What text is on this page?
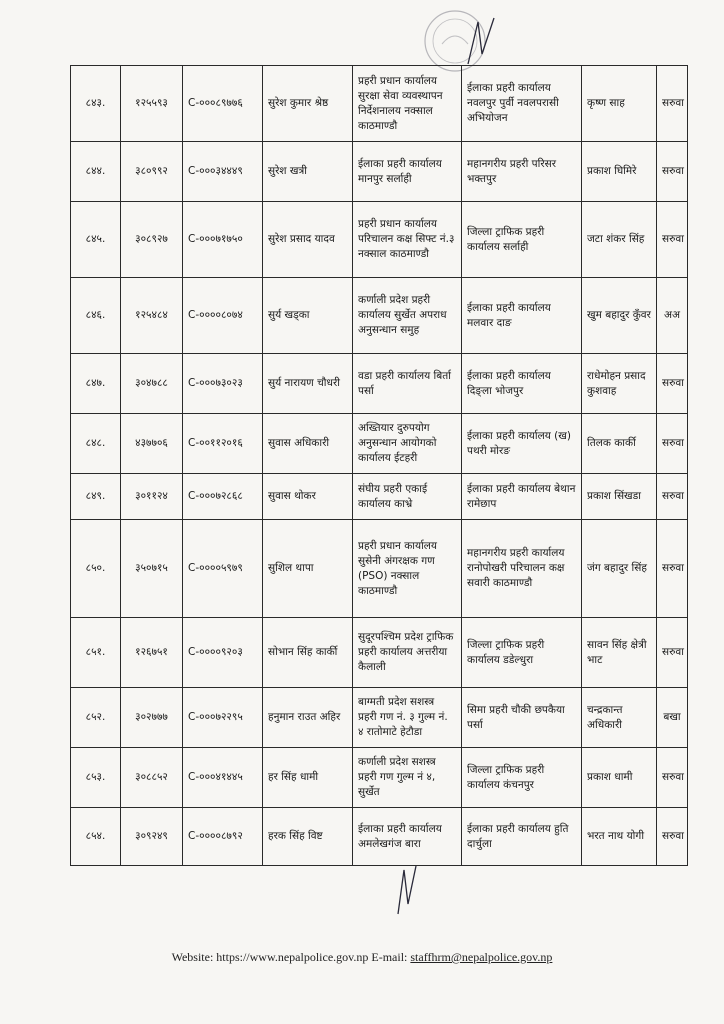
८४३.	१२५५९३	C-०००८९७७६	सुरेश कुमार श्रेष्ठ	प्रहरी प्रधान कार्यालय सुरक्षा सेवा व्यवस्थापन निर्देशनालय नक्साल काठमाण्डौ	ईलाका प्रहरी कार्यालय नवलपुर पुर्वी नवलपरासी अभियोजन	कृष्ण साह	सरुवा
८४४.	३८०९९२	C-०००३४४४९	सुरेश खत्री	ईलाका प्रहरी कार्यालय मानपुर सर्लाही	महानगरीय प्रहरी परिसर भक्तपुर	प्रकाश घिमिरे	सरुवा
८४५.	३०८९२७	C-०००७१७५०	सुरेश प्रसाद यादव	प्रहरी प्रधान कार्यालय परिचालन कक्ष सिफ्ट नं.३ नक्साल काठमाण्डौ	जिल्ला ट्राफिक प्रहरी कार्यालय सर्लाही	जटा शंकर सिंह	सरुवा
८४६.	१२५४८४	C-००००८०७४	सुर्य खड्का	कर्णाली प्रदेश प्रहरी कार्यालय सुर्खेत अपराध अनुसन्धान समुह	ईलाका प्रहरी कार्यालय मलवार दाङ	खुम बहादुर कुँवर	अअ
८४७.	३०४७८८	C-०००७३०२३	सुर्य नारायण चौधरी	वडा प्रहरी कार्यालय बिर्ता पर्सा	ईलाका प्रहरी कार्यालय दिङ्ला भोजपुर	राधेमोहन प्रसाद कुशवाह	सरुवा
८४८.	४३७७०६	C-००११२०१६	सुवास अधिकारी	अख्तियार दुरुपयोग अनुसन्धान आयोगको कार्यालय ईटहरी	ईलाका प्रहरी कार्यालय (ख) पथरी मोरङ	तिलक कार्की	सरुवा
८४९.	३०११२४	C-०००७२८६८	सुवास थोकर	संघीय प्रहरी एकाई कार्यालय काभ्रे	ईलाका प्रहरी कार्यालय बेथान रामेछाप	प्रकाश सिंखडा	सरुवा
८५०.	३५०७१५	C-००००५९७९	सुशिल थापा	प्रहरी प्रधान कार्यालय सुसेनी अंगरक्षक गण (PSO) नक्साल काठमाण्डौ	महानगरीय प्रहरी कार्यालय रानोपोखरी परिचालन कक्ष सवारी काठमाण्डौ	जंग बहादुर सिंह	सरुवा
८५१.	१२६७५१	C-००००९२०३	सोभान सिंह कार्की	सुदूरपश्चिम प्रदेश ट्राफिक प्रहरी कार्यालय अत्तरीया कैलाली	जिल्ला ट्राफिक प्रहरी कार्यालय डडेल्धुरा	सावन सिंह क्षेत्री भाट	सरुवा
८५२.	३०२७७७	C-०००७२२९५	हनुमान राउत अहिर	बाग्मती प्रदेश सशस्त्र प्रहरी गण नं. ३ गुल्म नं. ४ रातोमाटे हेटौडा	सिमा प्रहरी चौकी छपकैया पर्सा	चन्द्रकान्त अधिकारी	बखा
८५३.	३०८८५२	C-०००४१४४५	हर सिंह धामी	कर्णाली प्रदेश सशस्त्र प्रहरी गण गुल्म नं ४, सुर्खेत	जिल्ला ट्राफिक प्रहरी कार्यालय कंचनपुर	प्रकाश धामी	सरुवा
८५४.	३०९२४९	C-००००८७९२	हरक सिंह विष्ट	ईलाका प्रहरी कार्यालय अमलेखगंज बारा	ईलाका प्रहरी कार्यालय हुति दार्चुला	भरत नाथ योगी	सरुवा
Website: https://www.nepalpolice.gov.np E-mail: staffhrm@nepalpolice.gov.np
